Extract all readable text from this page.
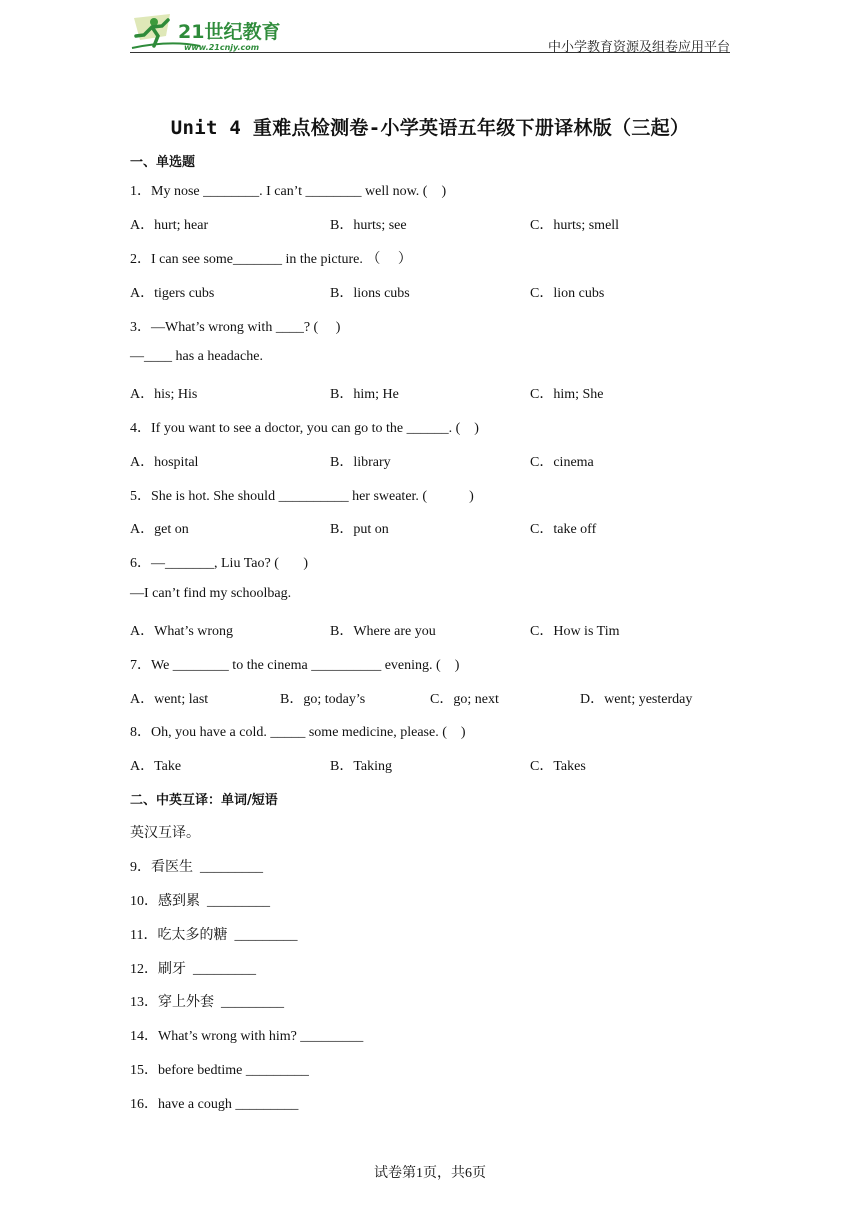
21世纪教育
www.21cnjy.com	中小学教育资源及组卷应用平台
Unit 4 重难点检测卷-小学英语五年级下册译林版（三起）
一、单选题
1．My nose ________. I can’t ________ well now. (    )
A．hurt; hear	B．hurts; see	C．hurts; smell
2．I can see some_______ in the picture. （     ）
A．tigers cubs	B．lions cubs	C．lion cubs
3．—What’s wrong with ____? (     )
—____ has a headache.
A．his; His	B．him; He	C．him; She
4．If you want to see a doctor, you can go to the ______. (    )
A．hospital	B．library	C．cinema
5．She is hot. She should __________ her sweater. (            )
A．get on	B．put on	C．take off
6．—_______, Liu Tao? (       )
—I can’t find my schoolbag.
A．What’s wrong	B．Where are you	C．How is Tim
7．We ________ to the cinema __________ evening. (    )
A．went; last	B．go; today’s	C．go; next	D．went; yesterday
8．Oh, you have a cold. _____ some medicine, please. (    )
A．Take	B．Taking	C．Takes
二、中英互译：单词/短语
英汉互译。
9．看医生  _________
10．感到累  _________
11．吃太多的糖  _________
12．刷牙  _________
13．穿上外套  _________
14．What’s wrong with him? _________
15．before bedtime _________
16．have a cough _________
试卷第1页，共6页
